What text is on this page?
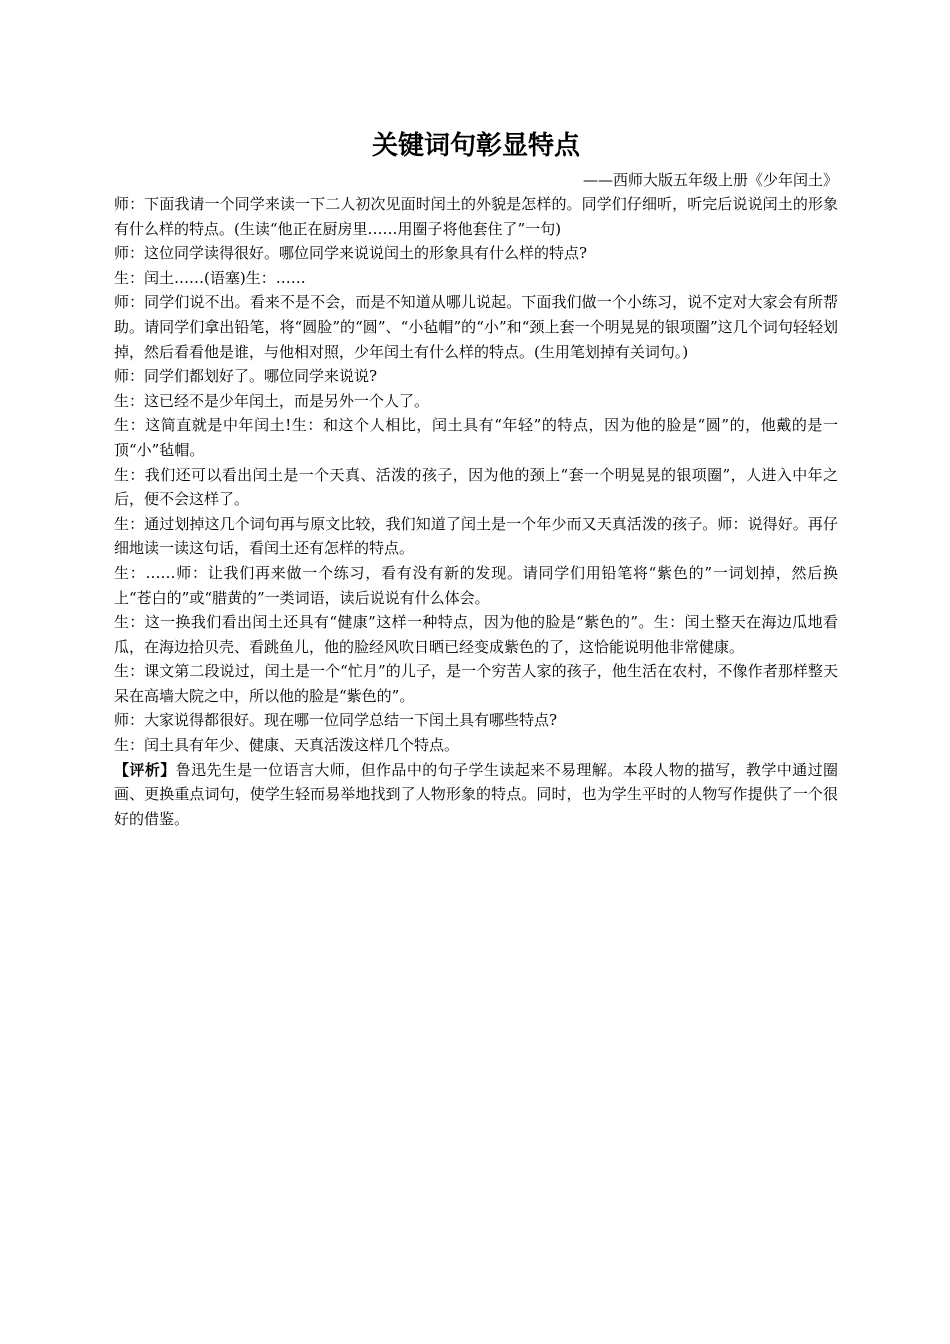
关键词句彰显特点
——西师大版五年级上册《少年闰土》

师：下面我请一个同学来读一下二人初次见面时闰土的外貌是怎样的。同学们仔细听，听完后说说闰土的形象有什么样的特点。(生读“他正在厨房里……用圈子将他套住了”一句)

师：这位同学读得很好。哪位同学来说说闰土的形象具有什么样的特点?

生：闰土……(语塞)生：……

师：同学们说不出。看来不是不会，而是不知道从哪儿说起。下面我们做一个小练习，说不定对大家会有所帮助。请同学们拿出铅笔，将“圆脸”的“圆”、“小毡帽”的“小”和“颈上套一个明晃晃的银项圈”这几个词句轻轻划掉，然后看看他是谁，与他相对照，少年闰土有什么样的特点。(生用笔划掉有关词句。)

师：同学们都划好了。哪位同学来说说?

生：这已经不是少年闰土，而是另外一个人了。

生：这简直就是中年闰土!生：和这个人相比，闰土具有“年轻”的特点，因为他的脸是“圆”的，他戴的是一顶“小”毡帽。

生：我们还可以看出闰土是一个天真、活泼的孩子，因为他的颈上“套一个明晃晃的银项圈”，人进入中年之后，便不会这样了。

生：通过划掉这几个词句再与原文比较，我们知道了闰土是一个年少而又天真活泼的孩子。师：说得好。再仔细地读一读这句话，看闰土还有怎样的特点。

生：……师：让我们再来做一个练习，看有没有新的发现。请同学们用铅笔将“紫色的”一词划掉，然后换上“苍白的”或“腊黄的”一类词语，读后说说有什么体会。

生：这一换我们看出闰土还具有“健康”这样一种特点，因为他的脸是“紫色的”。生：闰土整天在海边瓜地看瓜，在海边拾贝壳、看跳鱼儿，他的脸经风吹日晒已经变成紫色的了，这恰能说明他非常健康。

生：课文第二段说过，闰土是一个“忙月”的儿子，是一个穷苦人家的孩子，他生活在农村，不像作者那样整天呆在高墙大院之中，所以他的脸是“紫色的”。

师：大家说得都很好。现在哪一位同学总结一下闰土具有哪些特点?

生：闰土具有年少、健康、天真活泼这样几个特点。

【评析】鲁迅先生是一位语言大师，但作品中的句子学生读起来不易理解。本段人物的描写，教学中通过圈画、更换重点词句，使学生轻而易举地找到了人物形象的特点。同时，也为学生平时的人物写作提供了一个很好的借鉴。
